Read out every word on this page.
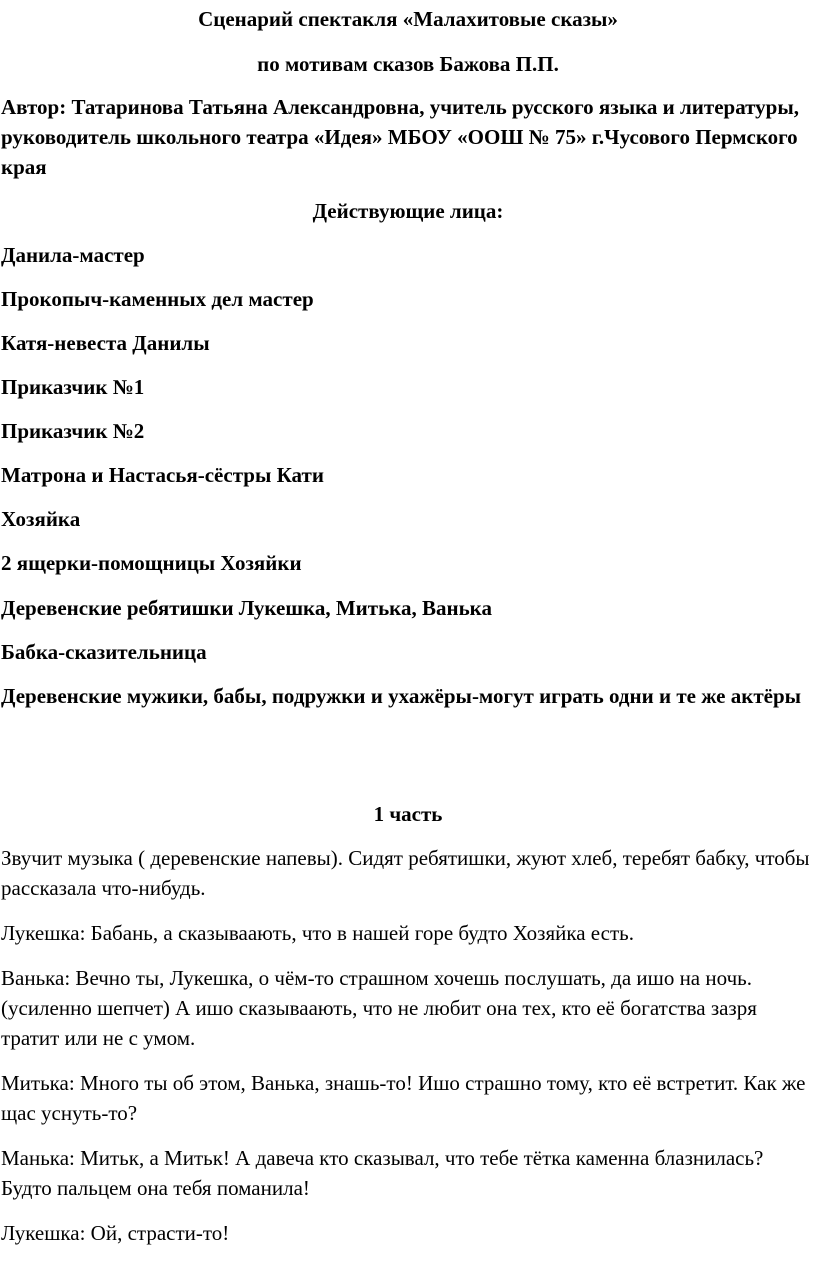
Сценарий спектакля «Малахитовые сказы»

по мотивам сказов Бажова П.П.

Автор: Татаринова Татьяна Александровна, учитель русского языка и литературы, руководитель школьного театра «Идея» МБОУ «ООШ № 75» г.Чусового Пермского края

Действующие лица:

Данила-мастер

Прокопыч-каменных дел мастер

Катя-невеста Данилы

Приказчик №1

Приказчик №2

Матрона и Настасья-сёстры Кати

Хозяйка

2 ящерки-помощницы Хозяйки

Деревенские ребятишки Лукешка, Митька, Ванька

Бабка-сказительница

Деревенские мужики, бабы, подружки и ухажёры-могут играть одни и те же актёры

1 часть

Звучит музыка ( деревенские напевы). Сидят ребятишки, жуют хлеб, теребят бабку, чтобы рассказала что-нибудь.

Лукешка: Бабань, а сказываають, что в нашей горе будто Хозяйка есть.

Ванька: Вечно ты, Лукешка, о чём-то страшном хочешь послушать, да ишо на ночь.(усиленно шепчет) А ишо сказываають, что не любит она тех, кто её богатства зазря тратит или не с умом.

Митька: Много ты об этом, Ванька, знашь-то! Ишо страшно тому, кто её встретит. Как же щас уснуть-то?

Манька: Митьк, а Митьк! А давеча кто сказывал, что тебе тётка каменна блазнилась? Будто пальцем она тебя поманила!

Лукешка: Ой, страсти-то!
